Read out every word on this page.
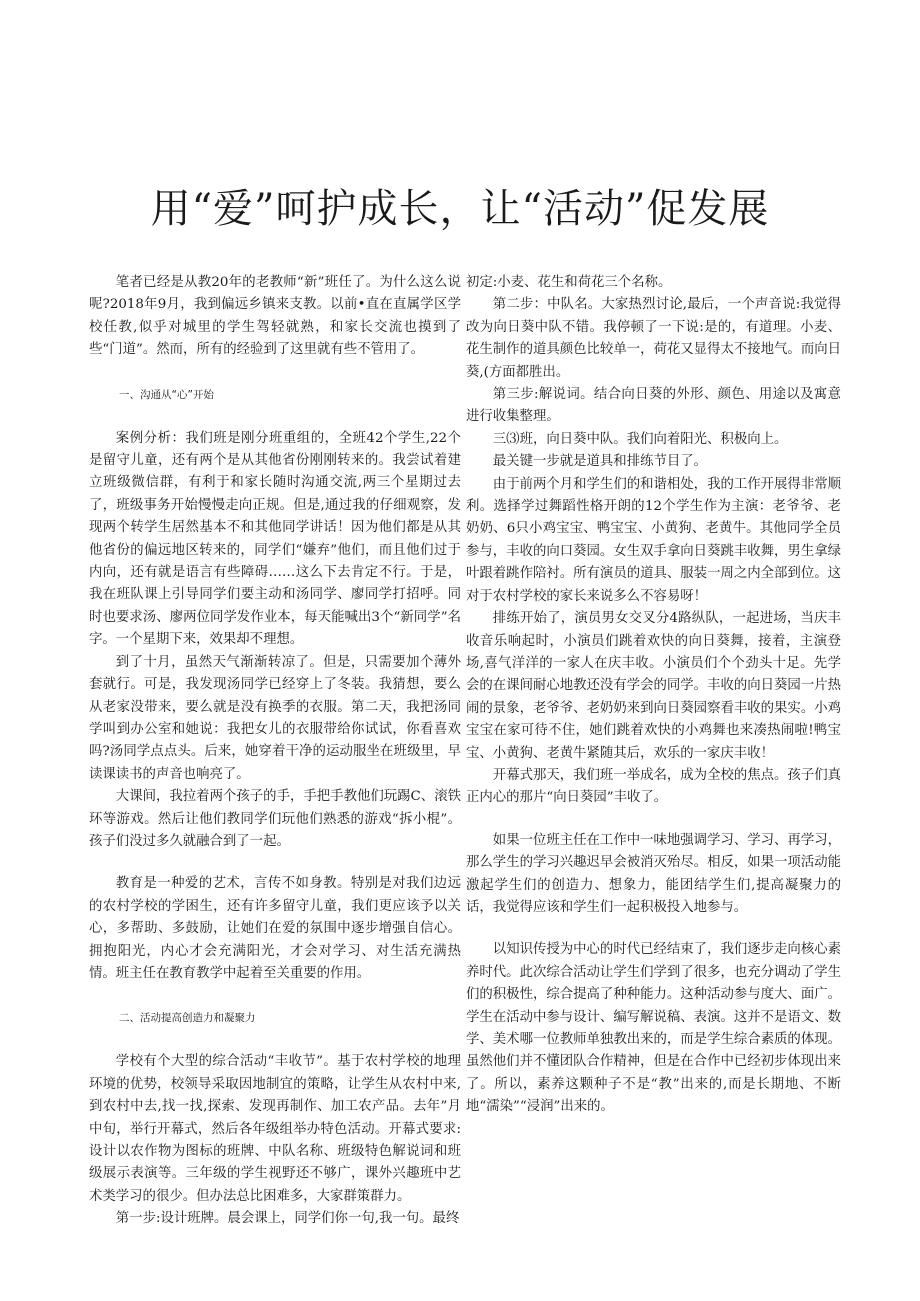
用“爱”呵护成长，让“活动”促发展

笔者已经是从教20年的老教师“新”班任了。为什么这么说呢?2018年9月，我到偏远乡镇来支教。以前•直在直属学区学校任教,似乎对城里的学生驾轻就熟，和家长交流也摸到了些“门道”。然而，所有的经验到了这里就有些不管用了。

一、沟通从“心”开始

案例分析：我们班是刚分班重组的，全班42个学生,22个是留守儿童，还有两个是从其他省份刚刚转来的。我尝试着建立班级微信群，有利于和家长随时沟通交流,两三个星期过去了，班级事务开始慢慢走向正规。但是,通过我的仔细观察，发现两个转学生居然基本不和其他同学讲话！因为他们都是从其他省份的偏远地区转来的，同学们“嫌弃”他们，而且他们过于内向，还有就是语言有些障碍……这么下去肯定不行。于是，我在班队课上引导同学们要主动和汤同学、廖同学打招呼。同时也要求汤、廖两位同学发作业本，每天能喊出3个“新同学”名字。一个星期下来，效果却不理想。

到了十月，虽然天气渐渐转凉了。但是，只需要加个薄外套就行。可是，我发现汤同学已经穿上了冬装。我猜想，要么从老家没带来，要么就是没有换季的衣服。第二天，我把汤同学叫到办公室和她说：我把女儿的衣服带给你试试，你看喜欢吗?汤同学点点头。后来，她穿着干净的运动服坐在班级里，早读课读书的声音也响亮了。

大课间，我拉着两个孩子的手，手把手教他们玩踢C、滚铁环等游戏。然后让他们教同学们玩他们熟悉的游戏“拆小棍”。孩子们没过多久就融合到了一起。

教育是一种爱的艺术，言传不如身教。特别是对我们边远的农村学校的学困生，还有许多留守儿童，我们更应该予以关心，多帮助、多鼓励，让她们在爱的氛围中逐步增强自信心。拥抱阳光，内心才会充满阳光，才会对学习、对生活充满热情。班主任在教育教学中起着至关重要的作用。

二、活动提高创造力和凝聚力

学校有个大型的综合活动“丰收节”。基于农村学校的地理环境的优势，校领导采取因地制宜的策略，让学生从农村中来,到农村中去,找一找,探索、发现再制作、加工农产品。去年”月中旬，举行开幕式，然后各年级组举办特色活动。开幕式要求:设计以农作物为图标的班牌、中队名称、班级特色解说词和班级展示表演等。三年级的学生视野还不够广，课外兴趣班中艺术类学习的很少。但办法总比困难多，大家群策群力。

第一步:设计班牌。晨会课上，同学们你一句,我一句。最终

初定:小麦、花生和荷花三个名称。

第二步：中队名。大家热烈讨论,最后，一个声音说:我觉得改为向日葵中队不错。我停顿了一下说:是的，有道理。小麦、花生制作的道具颜色比较单一，荷花又显得太不接地气。而向日葵,(方面都胜出。

第三步:解说词。结合向日葵的外形、颜色、用途以及寓意进行收集整理。

三⑶班，向日葵中队。我们向着阳光、积极向上。

最关键一步就是道具和排练节目了。

由于前两个月和学生们的和谐相处，我的工作开展得非常顺利。选择学过舞蹈性格开朗的12个学生作为主演：老爷爷、老奶奶、6只小鸡宝宝、鸭宝宝、小黄狗、老黄牛。其他同学全员参与，丰收的向口葵园。女生双手拿向日葵跳丰收舞，男生拿绿叶跟着跳作陪衬。所有演员的道具、服装一周之内全部到位。这对于农村学校的家长来说多么不容易呀！

排练开始了，演员男女交叉分4路纵队，一起进场，当庆丰收音乐响起时，小演员们跳着欢快的向日葵舞，接着，主演登场,喜气洋洋的一家人在庆丰收。小演员们个个劲头十足。先学会的在课间耐心地教还没有学会的同学。丰收的向日葵园一片热闹的景象，老爷爷、老奶奶来到向日葵园察看丰收的果实。小鸡宝宝在家可待不住，她们跳着欢快的小鸡舞也来凑热闹啦!鸭宝宝、小黄狗、老黄牛紧随其后，欢乐的一家庆丰收！

开幕式那天，我们班一举成名，成为全校的焦点。孩子们真正内心的那片“向日葵园”丰收了。

如果一位班主任在工作中一味地强调学习、学习、再学习，那么学生的学习兴趣迟早会被消灭殆尽。相反，如果一项活动能激起学生们的创造力、想象力，能团结学生们,提高凝聚力的话，我觉得应该和学生们一起积极投入地参与。

以知识传授为中心的时代已经结束了，我们逐步走向核心素养时代。此次综合活动让学生们学到了很多，也充分调动了学生们的积极性，综合提高了种种能力。这种活动参与度大、面广。学生在活动中参与设计、编写解说稿、表演。这并不是语文、数学、美术哪一位教师单独教出来的，而是学生综合素质的体现。虽然他们并不懂团队合作精神，但是在合作中已经初步体现出来了。所以，素养这颗种子不是“教”出来的,而是长期地、不断地“濡染”“浸润”出来的。
